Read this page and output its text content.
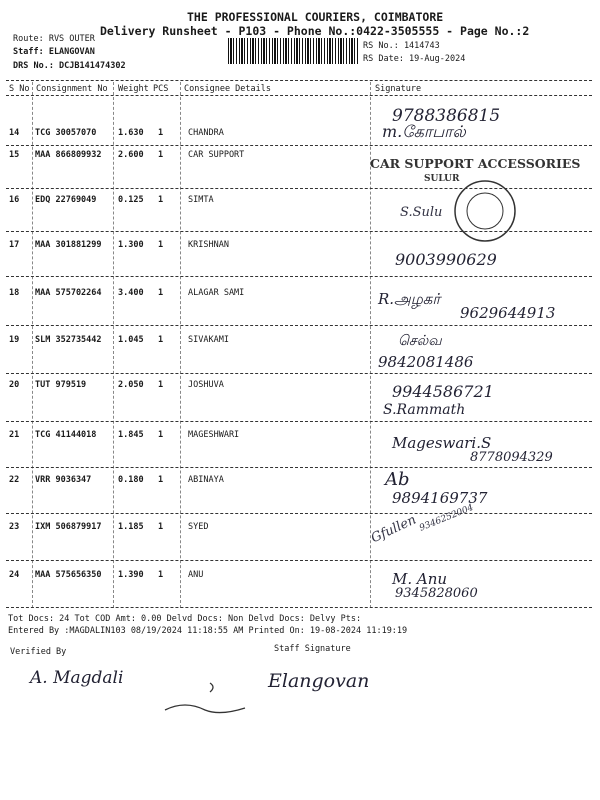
THE PROFESSIONAL COURIERS, COIMBATORE
Delivery Runsheet - P103 - Phone No.:0422-3505555 - Page No.:2
Route: RVS OUTER
Staff: ELANGOVAN
DRS No.: DCJB141474302
RS No.: 1414743
RS Date: 19-Aug-2024
S No Consignment No Weight PCS Consignee Details	Signature
14 TCG 30057070	1.630 1	CHANDRA
9788386815
m.கோபால்
15 MAA 866809932 2.600 1	CAR SUPPORT
CAR SUPPORT ACCESSORIES
SULUR
16 EDQ 22769049	0.125 1	SIMTA
S.Sulu
17 MAA 301881299 1.300 1	KRISHNAN
9003990629
18 MAA 575702264 3.400 1	ALAGAR SAMI	R.அழகர்
9629644913
19 SLM 352735442 1.045 1	SIVAKAMI	செல்வ
9842081486
20 TUT 979519	2.050 1	JOSHUVA	9944586721
S.Rammath
21 TCG 41144018	1.845 1	MAGESHWARI	Mageswari.S
8778094329
22 VRR 9036347	0.180 1	ABINAYA	Ab
9894169737
23 IXM 506879917 1.185 1	SYED	Gfullen 9346252004
24 MAA 575656350 1.390 1	ANU	M. Anu
9345828060
Tot Docs: 24 Tot COD Amt: 0.00 Delvd Docs: Non Delvd Docs: Delvy Pts:
Entered By :MAGDALIN103 08/19/2024 11:18:55 AM Printed On: 19-08-2024 11:19:19
Verified By	Staff Signature
A. Magdali	Elangovan
